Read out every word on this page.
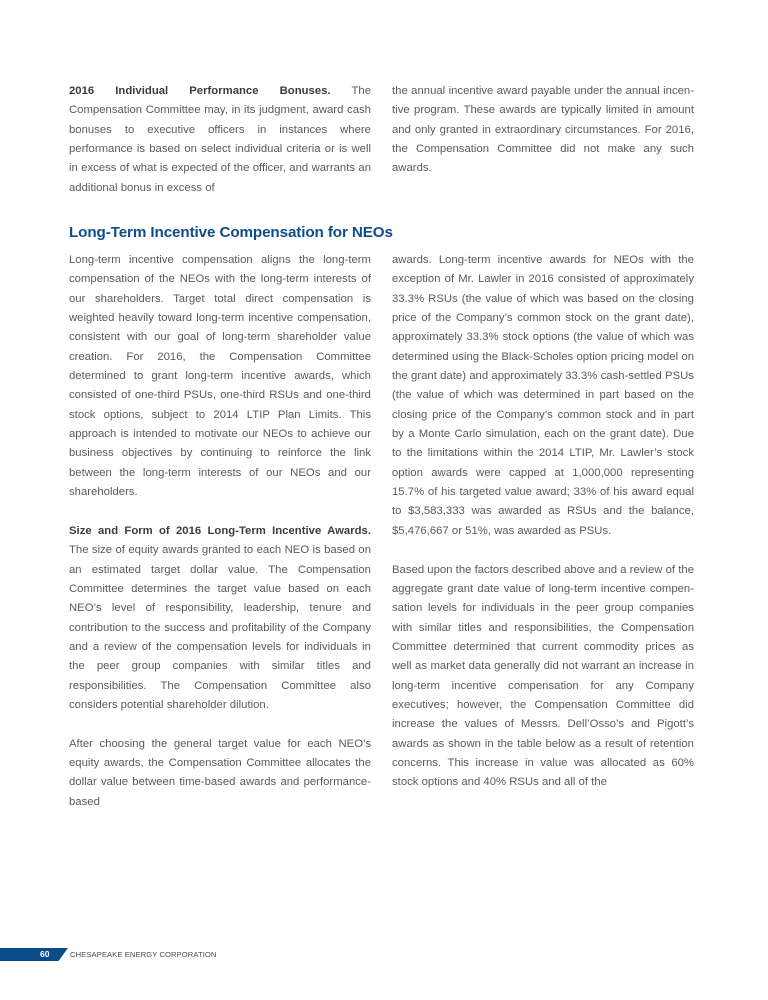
2016 Individual Performance Bonuses. The Compensation Committee may, in its judgment, award cash bonuses to executive officers in instances where performance is based on select individual criteria or is well in excess of what is expected of the officer, and warrants an additional bonus in excess of

the annual incentive award payable under the annual incentive program. These awards are typically limited in amount and only granted in extraordinary circumstances. For 2016, the Compensation Committee did not make any such awards.

Long-Term Incentive Compensation for NEOs

Long-term incentive compensation aligns the long-term compensation of the NEOs with the long-term interests of our shareholders. Target total direct compensation is weighted heavily toward long-term incentive compensation, consistent with our goal of long-term shareholder value creation. For 2016, the Compensation Committee determined to grant long-term incentive awards, which consisted of one-third PSUs, one-third RSUs and one-third stock options, subject to 2014 LTIP Plan Limits. This approach is intended to motivate our NEOs to achieve our business objectives by continuing to reinforce the link between the long-term interests of our NEOs and our shareholders.

Size and Form of 2016 Long-Term Incentive Awards. The size of equity awards granted to each NEO is based on an estimated target dollar value. The Compensation Committee determines the target value based on each NEO’s level of responsibility, leadership, tenure and contribution to the success and profitability of the Company and a review of the compensation levels for individuals in the peer group companies with similar titles and responsibilities. The Compensation Committee also considers potential shareholder dilution.

After choosing the general target value for each NEO’s equity awards, the Compensation Committee allocates the dollar value between time-based awards and performance-based

awards. Long-term incentive awards for NEOs with the exception of Mr. Lawler in 2016 consisted of approximately 33.3% RSUs (the value of which was based on the closing price of the Company’s common stock on the grant date), approximately 33.3% stock options (the value of which was determined using the Black-Scholes option pricing model on the grant date) and approximately 33.3% cash-settled PSUs (the value of which was determined in part based on the closing price of the Company’s common stock and in part by a Monte Carlo simulation, each on the grant date). Due to the limitations within the 2014 LTIP, Mr. Lawler’s stock option awards were capped at 1,000,000 representing 15.7% of his targeted value award; 33% of his award equal to $3,583,333 was awarded as RSUs and the balance, $5,476,667 or 51%, was awarded as PSUs.

Based upon the factors described above and a review of the aggregate grant date value of long-term incentive compensation levels for individuals in the peer group companies with similar titles and responsibilities, the Compensation Committee determined that current commodity prices as well as market data generally did not warrant an increase in long-term incentive compensation for any Company executives; however, the Compensation Committee did increase the values of Messrs. Dell’Osso’s and Pigott’s awards as shown in the table below as a result of retention concerns. This increase in value was allocated as 60% stock options and 40% RSUs and all of the

60	CHESAPEAKE ENERGY CORPORATION
